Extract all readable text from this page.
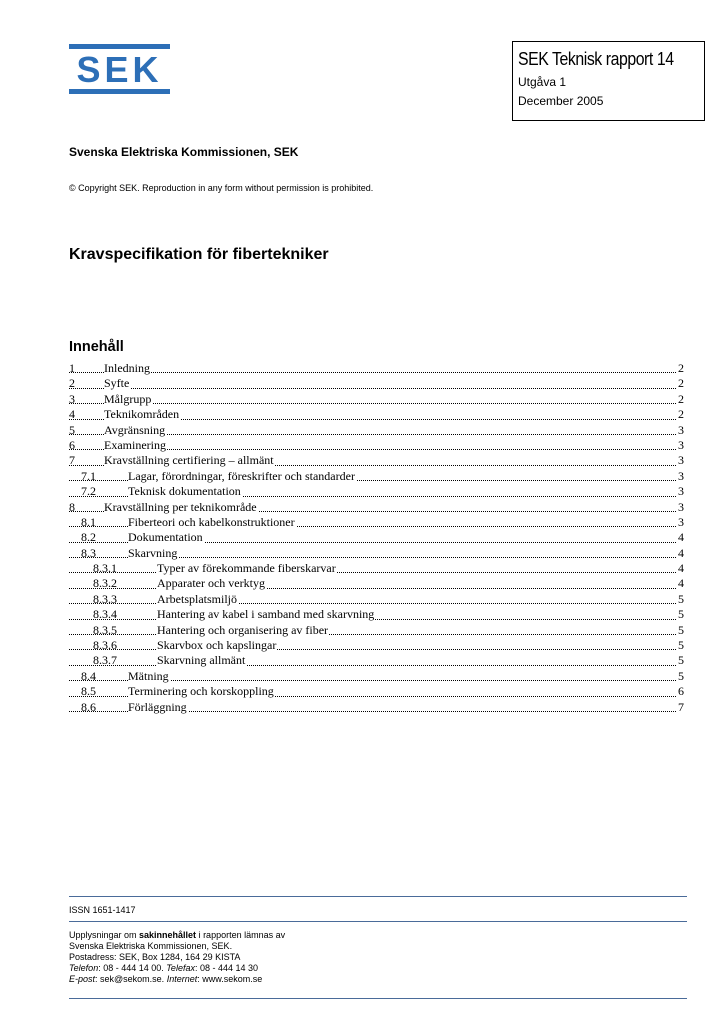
SEK	SEK Teknisk rapport 14
Utgåva 1
December 2005
Svenska Elektriska Kommissionen, SEK
© Copyright SEK. Reproduction in any form without permission is prohibited.
Kravspecifikation för fibertekniker
Innehåll
1 Inledning	2
2 Syfte	2
3 Målgrupp	2
4 Teknikområden	2
5 Avgränsning	3
6 Examinering	3
7 Kravställning certifiering – allmänt	3
7.1	Lagar, förordningar, föreskrifter och standarder	3
7.2	Teknisk dokumentation	3
8 Kravställning per teknikområde	3
8.1	Fiberteori och kabelkonstruktioner	3
8.2	Dokumentation	4
8.3	Skarvning	4
8.3.1	Typer av förekommande fiberskarvar	4
8.3.2	Apparater och verktyg	4
8.3.3	Arbetsplatsmiljö	5
8.3.4	Hantering av kabel i samband med skarvning	5
8.3.5	Hantering och organisering av fiber	5
8.3.6	Skarvbox och kapslingar	5
8.3.7	Skarvning allmänt	5
8.4	Mätning	5
8.5	Terminering och korskoppling	6
8.6	Förläggning	7
ISSN 1651-1417
Upplysningar om sakinnehållet i rapporten lämnas av
Svenska Elektriska Kommissionen, SEK.
Postadress: SEK, Box 1284, 164 29 KISTA
Telefon: 08 - 444 14 00. Telefax: 08 - 444 14 30
E-post: sek@sekom.se. Internet: www.sekom.se
